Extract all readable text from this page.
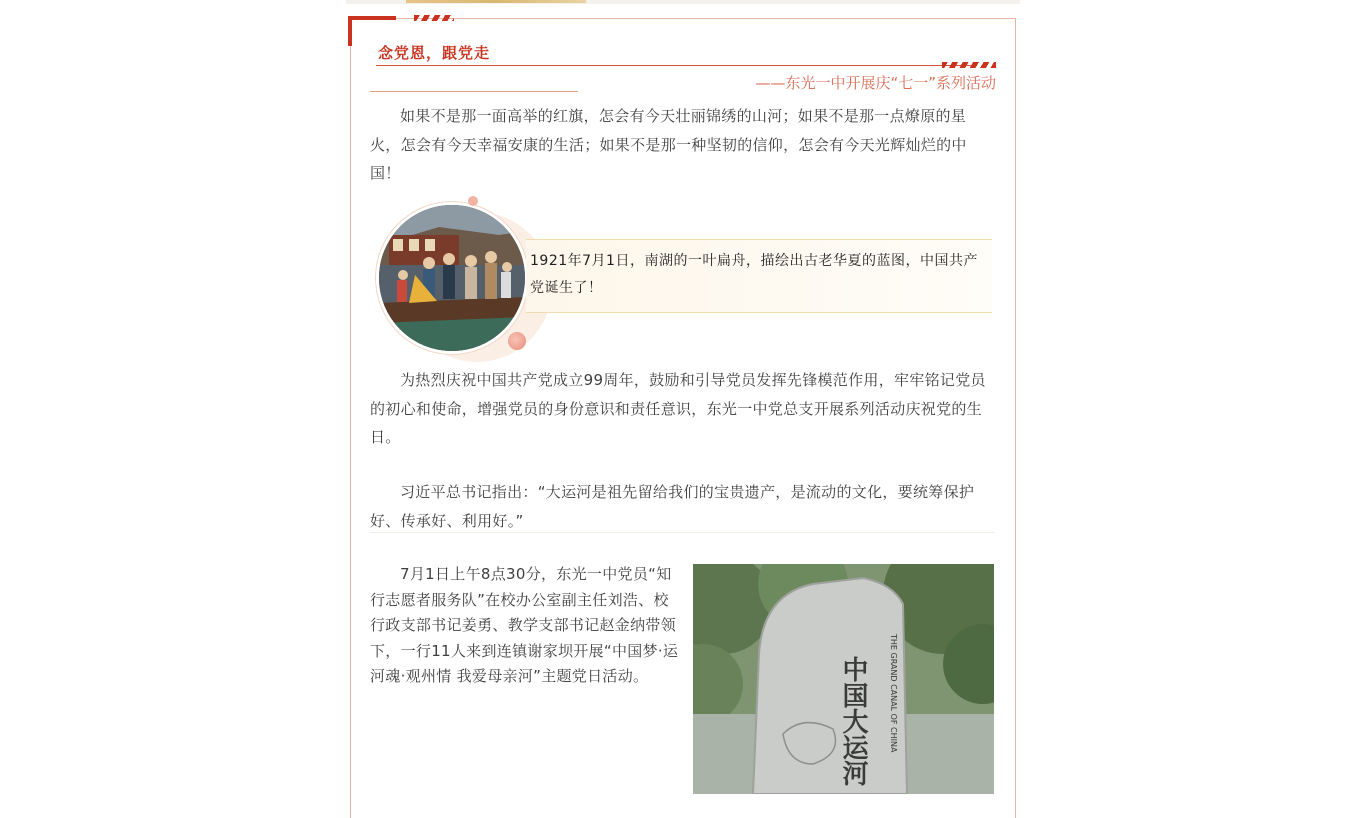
念党恩，跟党走
——东光一中开展庆“七一”系列活动

如果不是那一面高举的红旗，怎会有今天壮丽锦绣的山河；如果不是那一点燎原的星火，怎会有今天幸福安康的生活；如果不是那一种坚韧的信仰，怎会有今天光辉灿烂的中国！

1921年7月1日，南湖的一叶扁舟，描绘出古老华夏的蓝图，中国共产党诞生了！

为热烈庆祝中国共产党成立99周年，鼓励和引导党员发挥先锋模范作用，牢牢铭记党员的初心和使命，增强党员的身份意识和责任意识，东光一中党总支开展系列活动庆祝党的生日。

习近平总书记指出：“大运河是祖先留给我们的宝贵遗产，是流动的文化，要统筹保护好、传承好、利用好。”

7月1日上午8点30分，东光一中党员“知行志愿者服务队”在校办公室副主任刘浩、校行政支部书记姜勇、教学支部书记赵金纳带领下，一行11人来到连镇谢家坝开展“中国梦·运河魂·观州情 我爱母亲河”主题党日活动。	中国大运河	THE GRAND CANAL OF CHINA
